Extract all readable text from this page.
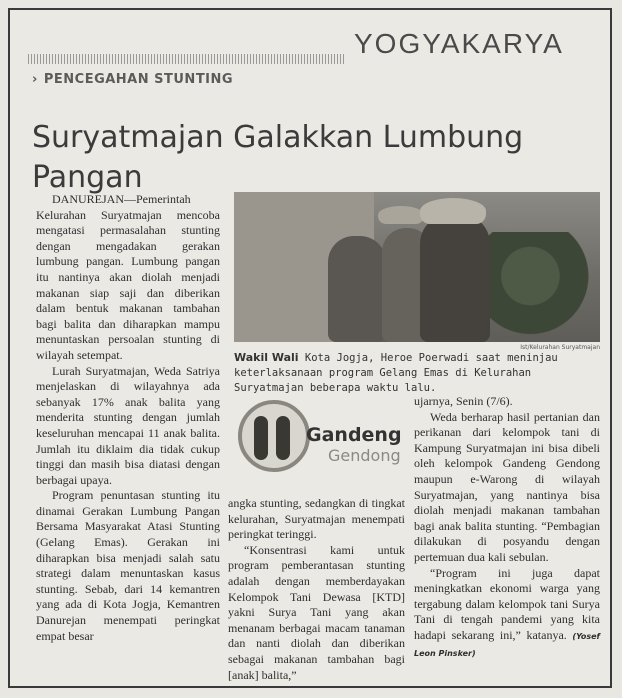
YOGYAKARYA
› PENCEGAHAN STUNTING
Suryatmajan Galakkan Lumbung Pangan

DANUREJAN—Pemerintah Kelurahan Suryatmajan mencoba mengatasi permasalahan stunting dengan mengadakan gerakan lumbung pangan. Lumbung pangan itu nantinya akan diolah menjadi makanan siap saji dan diberikan dalam bentuk makanan tambahan bagi balita dan diharapkan mampu menuntaskan persoalan stunting di wilayah setempat.

Lurah Suryatmajan, Weda Satriya menjelaskan di wilayahnya ada sebanyak 17% anak balita yang menderita stunting dengan jumlah keseluruhan mencapai 11 anak balita. Jumlah itu diklaim dia tidak cukup tinggi dan masih bisa diatasi dengan berbagai upaya.

Program penuntasan stunting itu dinamai Gerakan Lumbung Pangan Bersama Masyarakat Atasi Stunting (Gelang Emas). Gerakan ini diharapkan bisa menjadi salah satu strategi dalam menuntaskan kasus stunting. Sebab, dari 14 kemantren yang ada di Kota Jogja, Kemantren Danurejan menempati peringkat empat besar

Ist/Kelurahan Suryatmajan
Wakil Wali Kota Jogja, Heroe Poerwadi saat meninjau keterlaksanaan program Gelang Emas di Kelurahan Suryatmajan beberapa waktu lalu.
Gandeng
Gendong

angka stunting, sedangkan di tingkat kelurahan, Suryatmajan menempati peringkat teringgi.

“Konsentrasi kami untuk program pemberantasan stunting adalah dengan memberdayakan Kelompok Tani Dewasa [KTD] yakni Surya Tani yang akan menanam berbagai macam tanaman dan nanti diolah dan diberikan sebagai makanan tambahan bagi [anak] balita,”

ujarnya, Senin (7/6).

Weda berharap hasil pertanian dan perikanan dari kelompok tani di Kampung Suryatmajan ini bisa dibeli oleh kelompok Gandeng Gendong maupun e-Warong di wilayah Suryatmajan, yang nantinya bisa diolah menjadi makanan tambahan bagi anak balita stunting. “Pembagian dilakukan di posyandu dengan pertemuan dua kali sebulan.

“Program ini juga dapat meningkatkan ekonomi warga yang tergabung dalam kelompok tani Surya Tani di tengah pandemi yang kita hadapi sekarang ini,” katanya. (Yosef Leon Pinsker)
